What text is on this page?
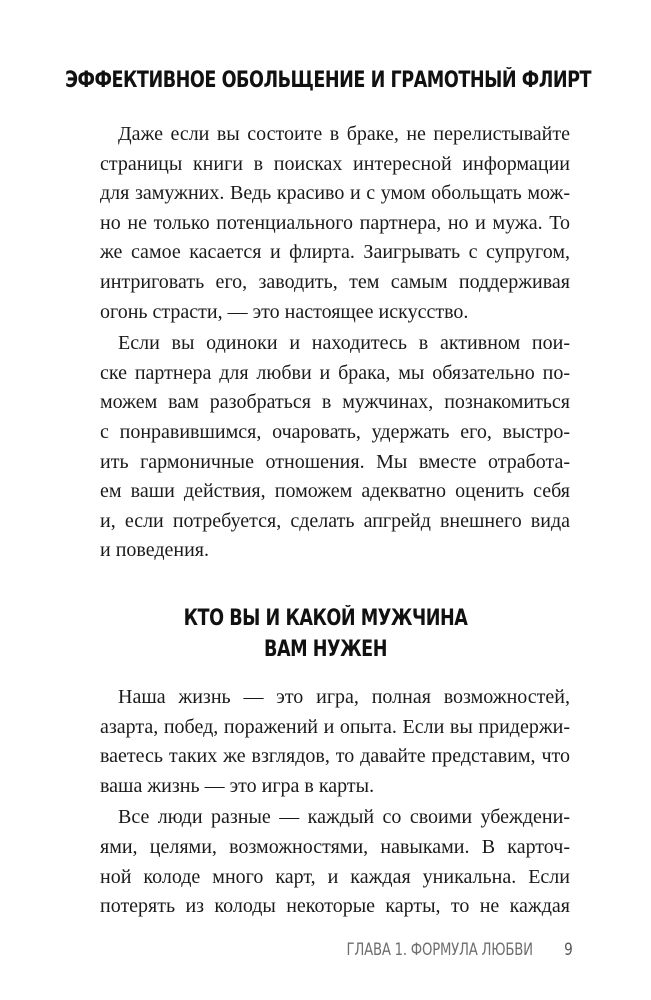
ЭФФЕКТИВНОЕ ОБОЛЬЩЕНИЕ И ГРАМОТНЫЙ ФЛИРТ

Даже если вы состоите в браке, не перелистывайте
страницы книги в поисках интересной информации
для замужних. Ведь красиво и с умом обольщать мож-
но не только потенциального партнера, но и мужа. То
же самое касается и флирта. Заигрывать с супругом,
интриговать его, заводить, тем самым поддерживая
огонь страсти, — это настоящее искусство.

Если вы одиноки и находитесь в активном пои-
ске партнера для любви и брака, мы обязательно по-
можем вам разобраться в мужчинах, познакомиться
с понравившимся, очаровать, удержать его, выстро-
ить гармоничные отношения. Мы вместе отработа-
ем ваши действия, поможем адекватно оценить себя
и, если потребуется, сделать апгрейд внешнего вида
и поведения.

КТО ВЫ И КАКОЙ МУЖЧИНА
ВАМ НУЖЕН

Наша жизнь — это игра, полная возможностей,
азарта, побед, поражений и опыта. Если вы придержи-
ваетесь таких же взглядов, то давайте представим, что
ваша жизнь — это игра в карты.

Все люди разные — каждый со своими убеждени-
ями, целями, возможностями, навыками. В карточ-
ной колоде много карт, и каждая уникальна. Если
потерять из колоды некоторые карты, то не каждая

ГЛАВА 1. ФОРМУЛА ЛЮБВИ 9
